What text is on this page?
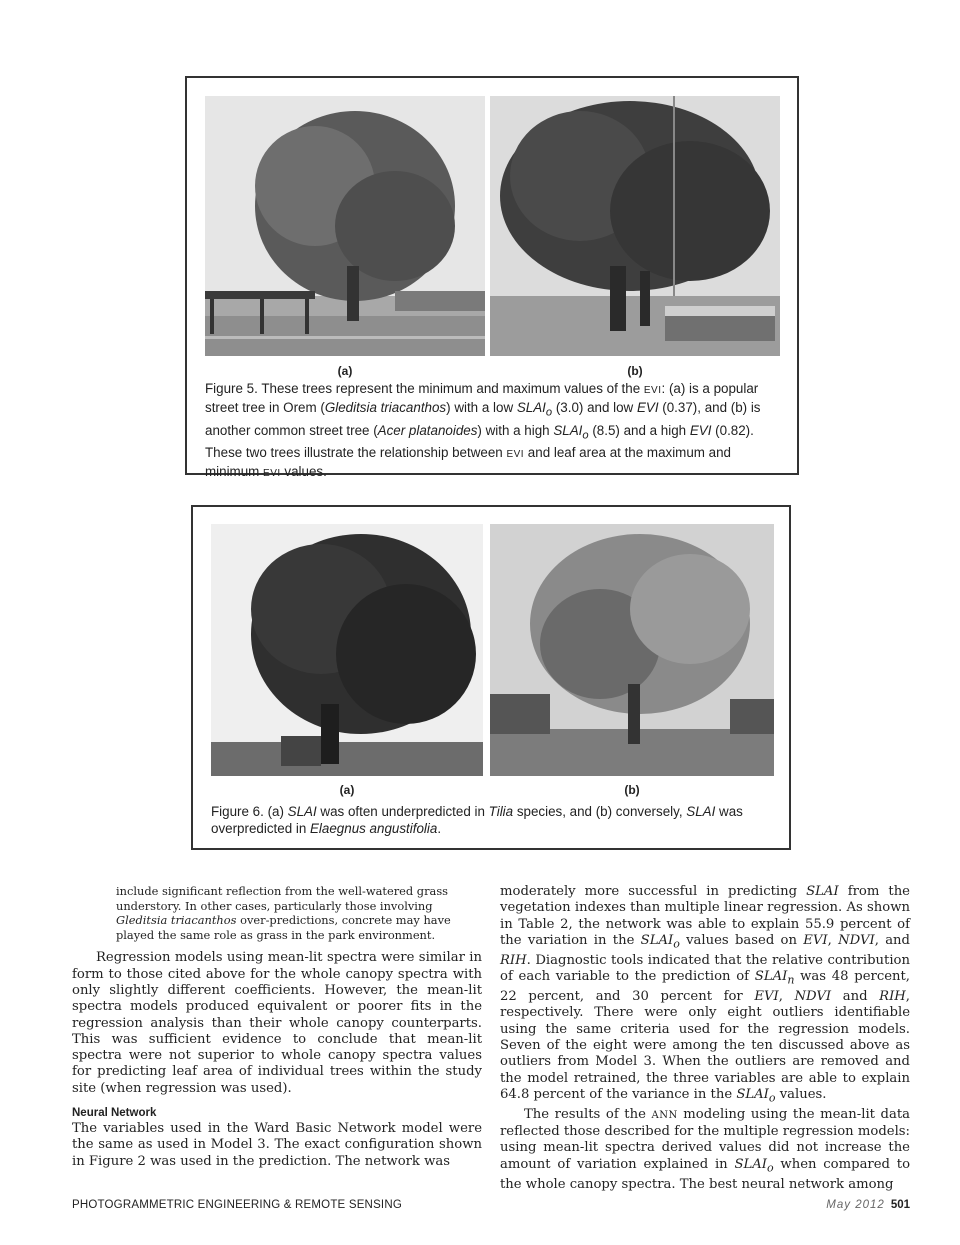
(a)	(b)
Figure 5. These trees represent the minimum and maximum values of the EVI: (a) is a popular street tree in Orem (Gleditsia triacanthos) with a low $SLAI_o$ (3.0) and low EVI (0.37), and (b) is another common street tree (Acer platanoides) with a high $SLAI_o$ (8.5) and a high EVI (0.82). These two trees illustrate the relationship between EVI and leaf area at the maximum and minimum EVI values.
(a)	(b)
Figure 6. (a) SLAI was often underpredicted in Tilia species, and (b) conversely, SLAI was overpredicted in Elaegnus angustifolia.

include significant reflection from the well-watered grass understory. In other cases, particularly those involving Gleditsia triacanthos over-predictions, concrete may have played the same role as grass in the park environment.

Regression models using mean-lit spectra were similar in form to those cited above for the whole canopy spectra with only slightly different coefficients. However, the mean-lit spectra models produced equivalent or poorer fits in the regression analysis than their whole canopy counterparts. This was sufficient evidence to conclude that mean-lit spectra were not superior to whole canopy spectra values for predicting leaf area of individual trees within the study site (when regression was used).

Neural Network

The variables used in the Ward Basic Network model were the same as used in Model 3. The exact configuration shown in Figure 2 was used in the prediction. The network was

moderately more successful in predicting SLAI from the vegetation indexes than multiple linear regression. As shown in Table 2, the network was able to explain 55.9 percent of the variation in the $SLAI_o$ values based on EVI, NDVI, and RIH. Diagnostic tools indicated that the relative contribution of each variable to the prediction of $SLAI_n$ was 48 percent, 22 percent, and 30 percent for EVI, NDVI and RIH, respectively. There were only eight outliers identifiable using the same criteria used for the regression models. Seven of the eight were among the ten discussed above as outliers from Model 3. When the outliers are removed and the model retrained, the three variables are able to explain 64.8 percent of the variance in the $SLAI_o$ values.

The results of the ANN modeling using the mean-lit data reflected those described for the multiple regression models: using mean-lit spectra derived values did not increase the amount of variation explained in $SLAI_o$ when compared to the whole canopy spectra. The best neural network among

PHOTOGRAMMETRIC ENGINEERING & REMOTE SENSING	May 2012 501
